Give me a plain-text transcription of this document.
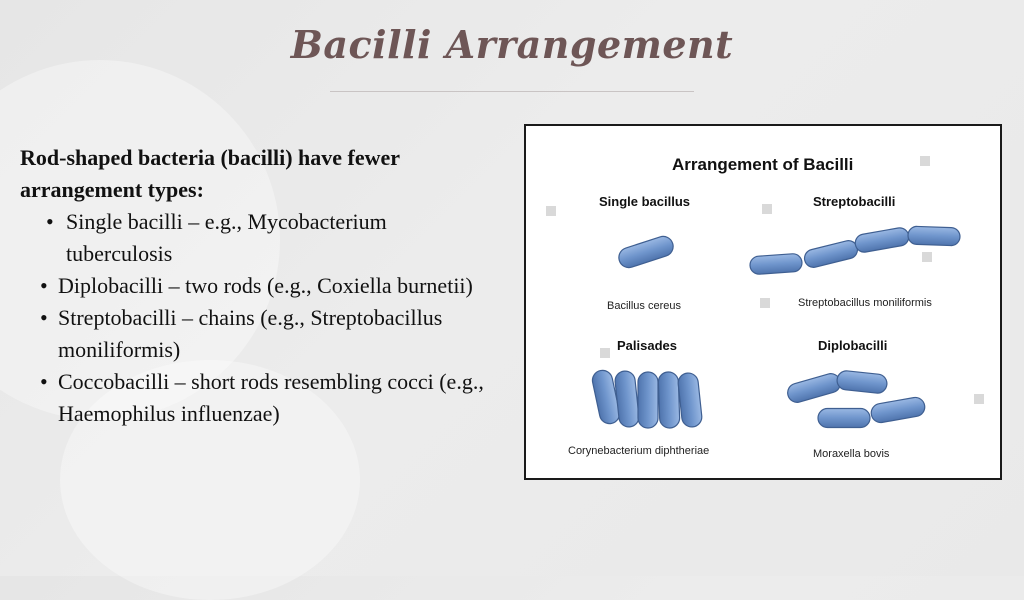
Bacilli Arrangement

Rod-shaped bacteria (bacilli) have fewer arrangement types:

• Single bacilli – e.g., Mycobacterium tuberculosis
• Diplobacilli – two rods (e.g., Coxiella burnetii)
• Streptobacilli – chains (e.g., Streptobacillus moniliformis)
• Coccobacilli – short rods resembling cocci (e.g., Haemophilus influenzae)
Arrangement of Bacilli
Single bacillus
Bacillus cereus
Streptobacilli
Streptobacillus moniliformis
Palisades
Corynebacterium diphtheriae
Diplobacilli
Moraxella bovis
